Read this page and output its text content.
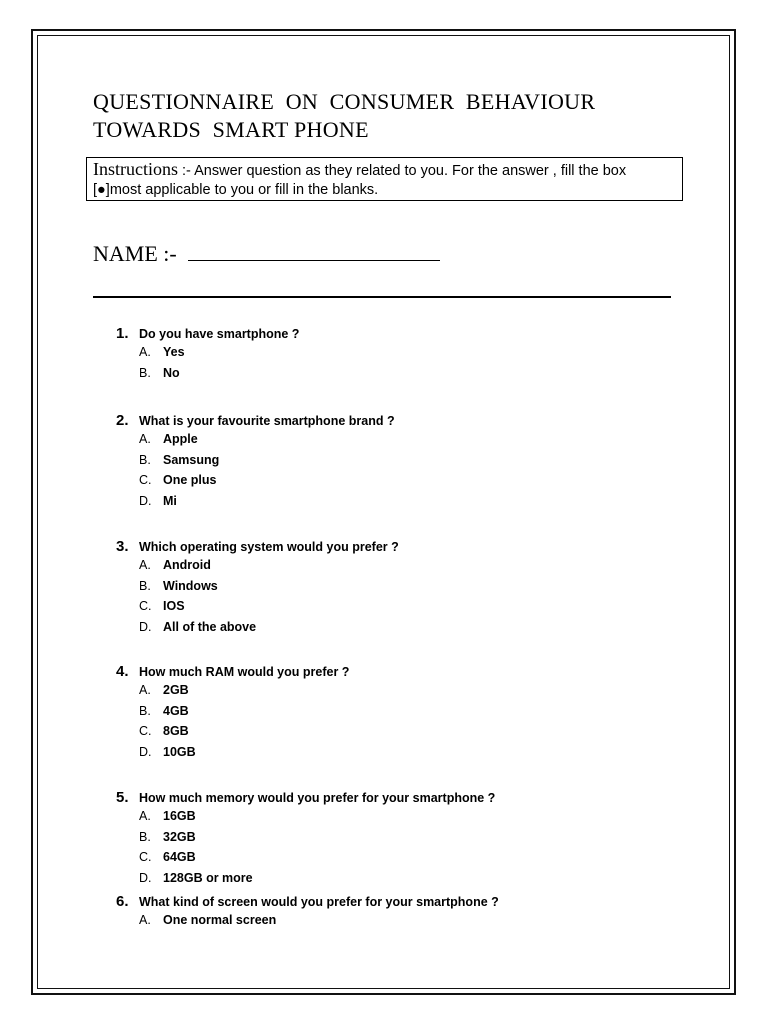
QUESTIONNAIRE  ON  CONSUMER  BEHAVIOUR
TOWARDS  SMART PHONE
Instructions :- Answer question as they related to you. For the answer , fill the box [●]most applicable to you or fill in the blanks.
NAME :-
1. Do you have smartphone ?
A. Yes
B. No
2. What is your favourite smartphone brand ?
A. Apple
B. Samsung
C. One plus
D. Mi
3. Which operating system would you prefer ?
A. Android
B. Windows
C. IOS
D. All of the above
4. How much RAM would you prefer ?
A. 2GB
B. 4GB
C. 8GB
D. 10GB
5. How much memory would you prefer for your smartphone ?
A. 16GB
B. 32GB
C. 64GB
D. 128GB or more
6. What kind of screen would you prefer for your smartphone ?
A. One normal screen
